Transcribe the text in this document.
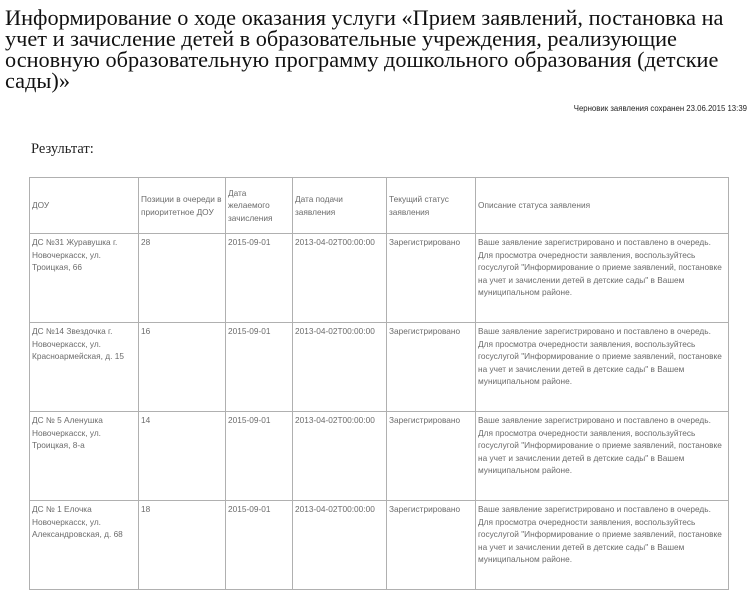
Информирование о ходе оказания услуги «Прием заявлений, постановка на учет и зачисление детей в образовательные учреждения, реализующие основную образовательную программу дошкольного образования (детские сады)»
Черновик заявления сохранен 23.06.2015 13:39
Результат:
ДОУ	Позиции в очереди в приоритетное ДОУ	Дата желаемого зачисления	Дата подачи заявления	Текущий статус заявления	Описание статуса заявления
ДС №31 Журавушка г. Новочеркасск, ул. Троицкая, 66	28	2015-09-01	2013-04-02T00:00:00	Зарегистрировано	Ваше заявление зарегистрировано и поставлено в очередь. Для просмотра очередности заявления, воспользуйтесь госуслугой "Информирование о приеме заявлений, постановке на учет и зачислении детей в детские сады" в Вашем муниципальном районе.
ДС №14 Звездочка г. Новочеркасск, ул. Красноармейская, д. 15	16	2015-09-01	2013-04-02T00:00:00	Зарегистрировано	Ваше заявление зарегистрировано и поставлено в очередь. Для просмотра очередности заявления, воспользуйтесь госуслугой "Информирование о приеме заявлений, постановке на учет и зачислении детей в детские сады" в Вашем муниципальном районе.
ДС № 5 Аленушка Новочеркасск, ул. Троицкая, 8-а	14	2015-09-01	2013-04-02T00:00:00	Зарегистрировано	Ваше заявление зарегистрировано и поставлено в очередь. Для просмотра очередности заявления, воспользуйтесь госуслугой "Информирование о приеме заявлений, постановке на учет и зачислении детей в детские сады" в Вашем муниципальном районе.
ДС № 1 Елочка Новочеркасск, ул. Александровская, д. 68	18	2015-09-01	2013-04-02T00:00:00	Зарегистрировано	Ваше заявление зарегистрировано и поставлено в очередь. Для просмотра очередности заявления, воспользуйтесь госуслугой "Информирование о приеме заявлений, постановке на учет и зачислении детей в детские сады" в Вашем муниципальном районе.
